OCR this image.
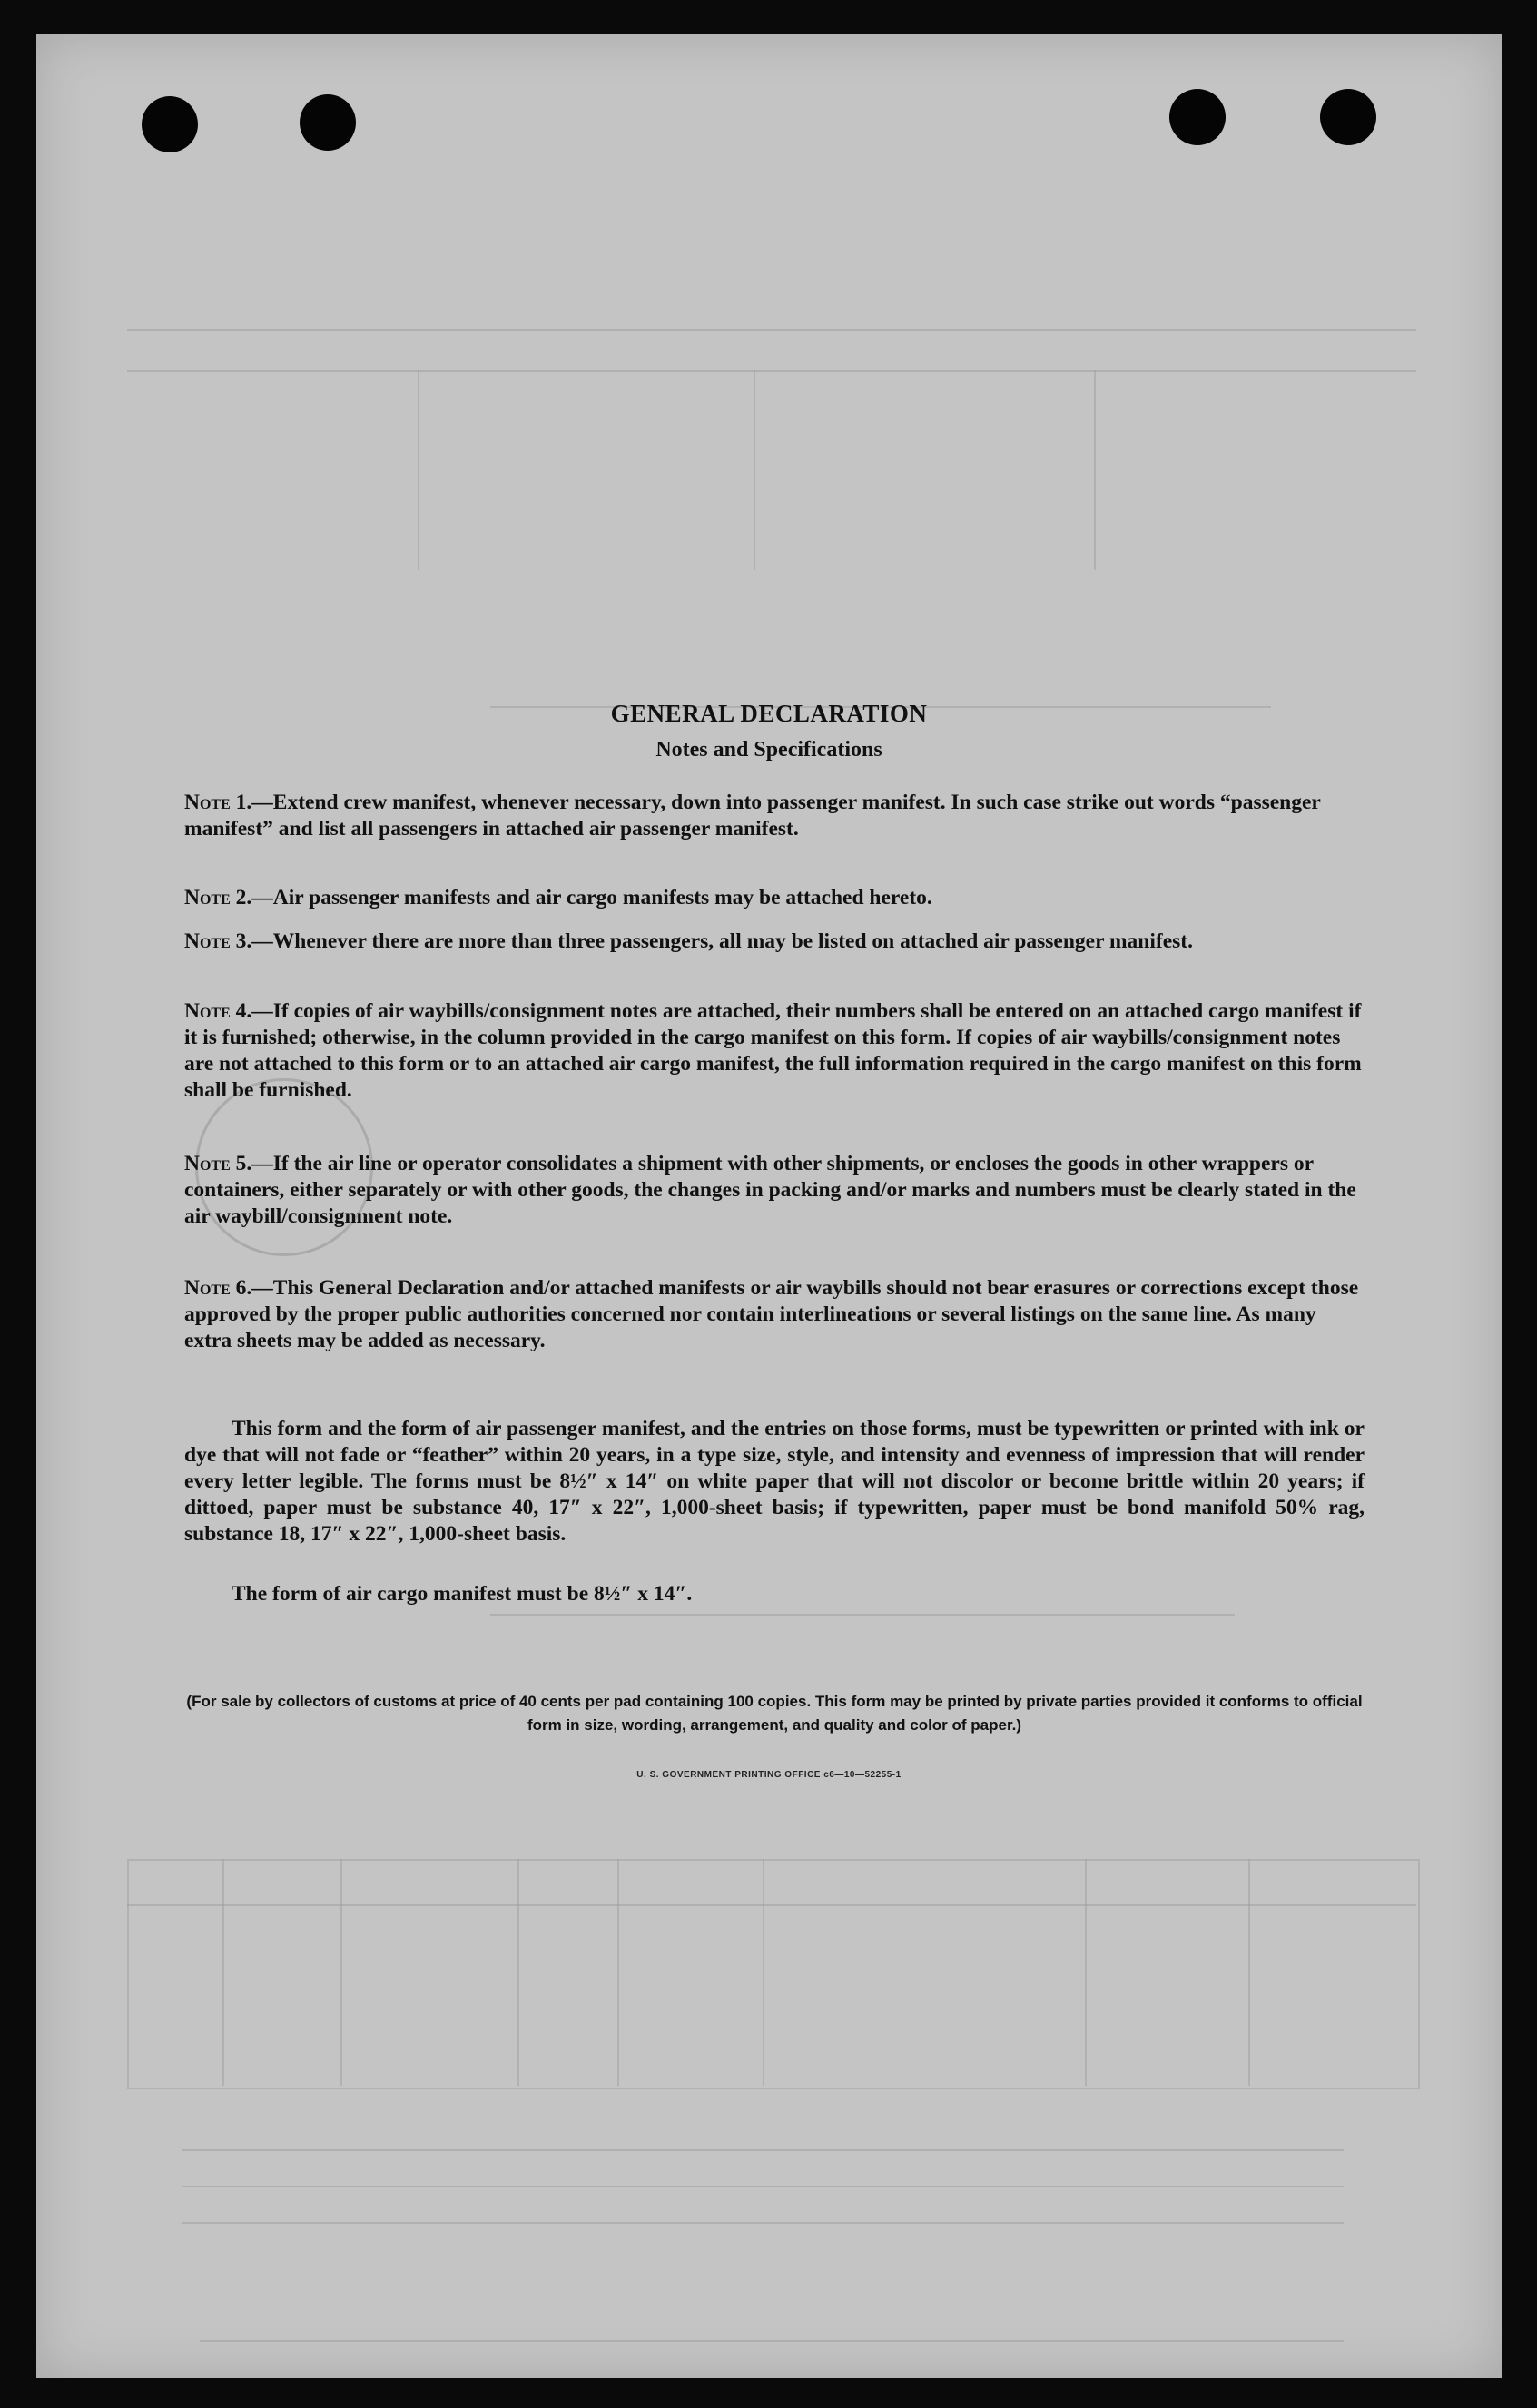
GENERAL DECLARATION
Notes and Specifications
Note 1.—Extend crew manifest, whenever necessary, down into passenger manifest. In such case strike out words “passenger manifest” and list all passengers in attached air passenger manifest.
Note 2.—Air passenger manifests and air cargo manifests may be attached hereto.
Note 3.—Whenever there are more than three passengers, all may be listed on attached air passenger manifest.
Note 4.—If copies of air waybills/consignment notes are attached, their numbers shall be entered on an attached cargo manifest if it is furnished; otherwise, in the column provided in the cargo manifest on this form. If copies of air waybills/consignment notes are not attached to this form or to an attached air cargo manifest, the full information required in the cargo manifest on this form shall be furnished.
Note 5.—If the air line or operator consolidates a shipment with other shipments, or encloses the goods in other wrappers or containers, either separately or with other goods, the changes in packing and/or marks and numbers must be clearly stated in the air waybill/consignment note.
Note 6.—This General Declaration and/or attached manifests or air waybills should not bear erasures or corrections except those approved by the proper public authorities concerned nor contain interlineations or several listings on the same line. As many extra sheets may be added as necessary.
This form and the form of air passenger manifest, and the entries on those forms, must be typewritten or printed with ink or dye that will not fade or “feather” within 20 years, in a type size, style, and intensity and evenness of impression that will render every letter legible. The forms must be 8½″ x 14″ on white paper that will not discolor or become brittle within 20 years; if dittoed, paper must be substance 40, 17″ x 22″, 1,000-sheet basis; if typewritten, paper must be bond manifold 50% rag, substance 18, 17″ x 22″, 1,000-sheet basis.
The form of air cargo manifest must be 8½″ x 14″.
(For sale by collectors of customs at price of 40 cents per pad containing 100 copies. This form may be printed by private parties provided it conforms to official form in size, wording, arrangement, and quality and color of paper.)
U. S. GOVERNMENT PRINTING OFFICE c6—10—52255-1
